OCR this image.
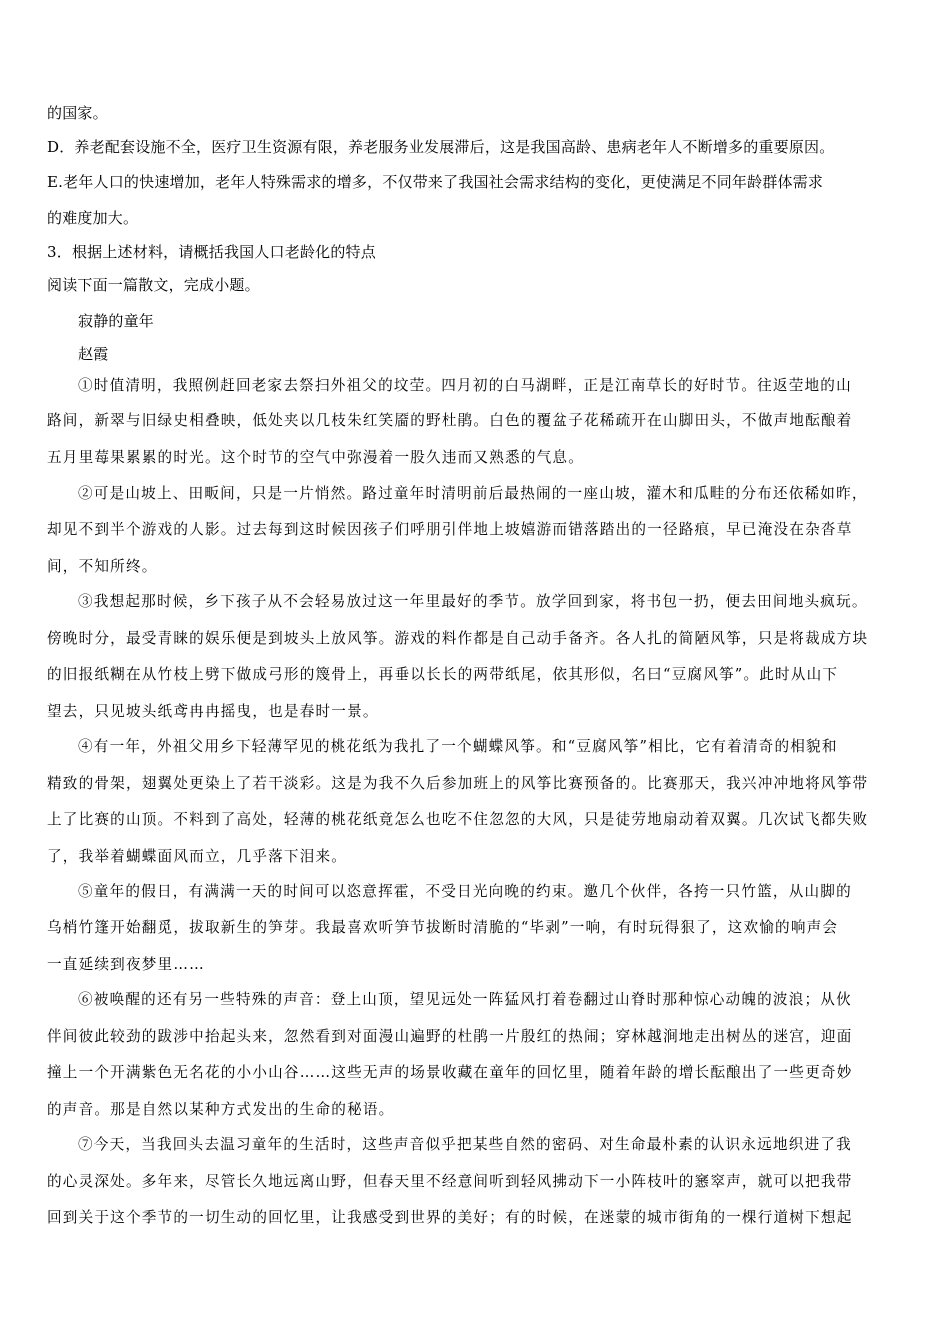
的国家。
D．养老配套设施不全，医疗卫生资源有限，养老服务业发展滞后，这是我国高龄、患病老年人不断增多的重要原因。
E.老年人口的快速增加，老年人特殊需求的增多，不仅带来了我国社会需求结构的变化，更使满足不同年龄群体需求
的难度加大。
3．根据上述材料，请概括我国人口老龄化的特点
阅读下面一篇散文，完成小题。
寂静的童年
赵霞
①时值清明，我照例赶回老家去祭扫外祖父的坟茔。四月初的白马湖畔，正是江南草长的好时节。往返茔地的山
路间，新翠与旧绿史相叠映，低处夹以几枝朱红笑靥的野杜鹃。白色的覆盆子花稀疏开在山脚田头，不做声地酝酿着
五月里莓果累累的时光。这个时节的空气中弥漫着一股久违而又熟悉的气息。
②可是山坡上、田畈间，只是一片悄然。路过童年时清明前后最热闹的一座山坡，灌木和瓜畦的分布还依稀如昨，
却见不到半个游戏的人影。过去每到这时候因孩子们呼朋引伴地上坡嬉游而错落踏出的一径路痕，早已淹没在杂沓草
间，不知所终。
③我想起那时候，乡下孩子从不会轻易放过这一年里最好的季节。放学回到家，将书包一扔，便去田间地头疯玩。
傍晚时分，最受青睐的娱乐便是到坡头上放风筝。游戏的料作都是自己动手备齐。各人扎的简陋风筝，只是将裁成方块
的旧报纸糊在从竹枝上劈下做成弓形的篾骨上，再垂以长长的两带纸尾，依其形似，名曰“豆腐风筝”。此时从山下
望去，只见坡头纸鸢冉冉摇曳，也是春时一景。
④有一年，外祖父用乡下轻薄罕见的桃花纸为我扎了一个蝴蝶风筝。和“豆腐风筝”相比，它有着清奇的相貌和
精致的骨架，翅翼处更染上了若干淡彩。这是为我不久后参加班上的风筝比赛预备的。比赛那天，我兴冲冲地将风筝带
上了比赛的山顶。不料到了高处，轻薄的桃花纸竟怎么也吃不住忽忽的大风，只是徒劳地扇动着双翼。几次试飞都失败
了，我举着蝴蝶面风而立，几乎落下泪来。
⑤童年的假日，有满满一天的时间可以恣意挥霍，不受日光向晚的约束。邀几个伙伴，各挎一只竹篮，从山脚的
乌梢竹篷开始翻觅，拔取新生的笋芽。我最喜欢听笋节拔断时清脆的“毕剥”一响，有时玩得狠了，这欢愉的响声会
一直延续到夜梦里……
⑥被唤醒的还有另一些特殊的声音：登上山顶，望见远处一阵猛风打着卷翻过山脊时那种惊心动魄的波浪；从伙
伴间彼此较劲的跋涉中抬起头来，忽然看到对面漫山遍野的杜鹃一片殷红的热闹；穿林越涧地走出树丛的迷宫，迎面
撞上一个开满紫色无名花的小小山谷……这些无声的场景收藏在童年的回忆里，随着年龄的增长酝酿出了一些更奇妙
的声音。那是自然以某种方式发出的生命的秘语。
⑦今天，当我回头去温习童年的生活时，这些声音似乎把某些自然的密码、对生命最朴素的认识永远地织进了我
的心灵深处。多年来，尽管长久地远离山野，但春天里不经意间听到轻风拂动下一小阵枝叶的窸窣声，就可以把我带
回到关于这个季节的一切生动的回忆里，让我感受到世界的美好；有的时候，在迷蒙的城市街角的一棵行道树下想起
